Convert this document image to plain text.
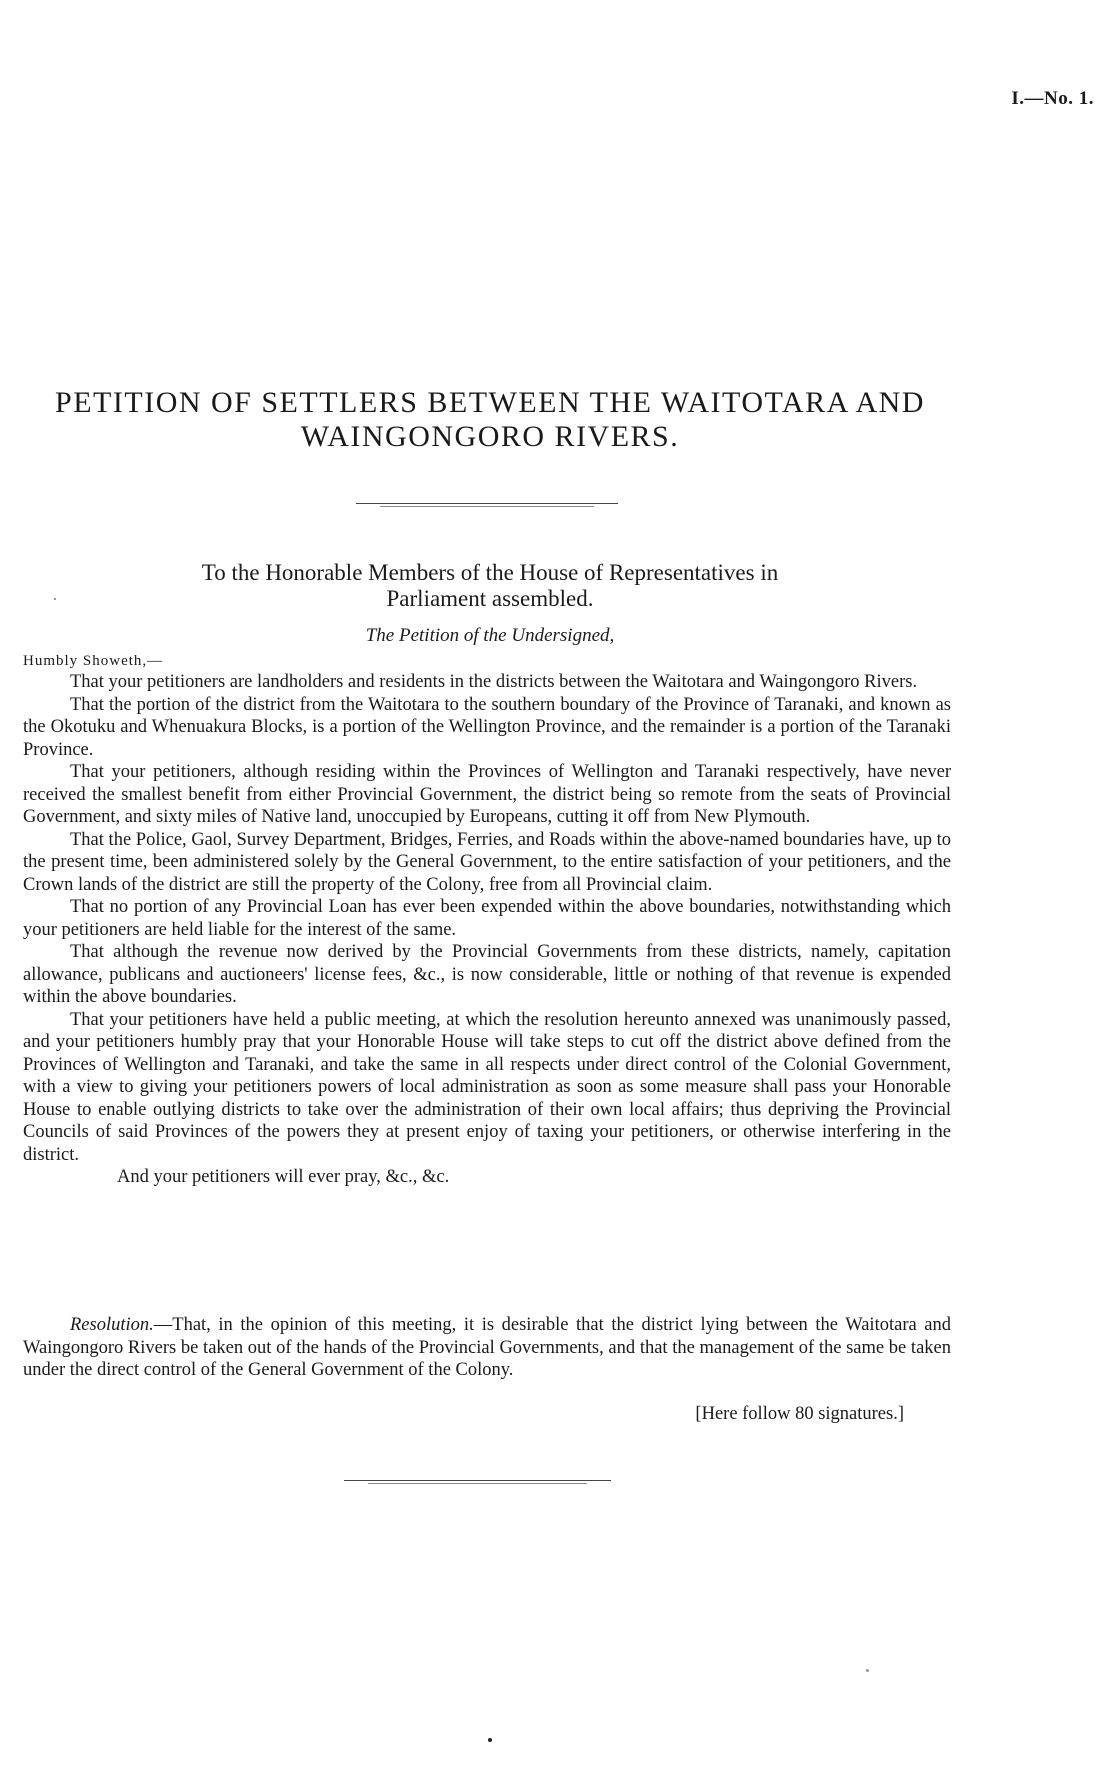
I.—No. 1.
PETITION OF SETTLERS BETWEEN THE WAITOTARA AND
WAINGONGORO RIVERS.
To the Honorable Members of the House of Representatives in
Parliament assembled.
The Petition of the Undersigned,
Humbly Showeth,—

That your petitioners are landholders and residents in the districts between the Waitotara and Waingongoro Rivers.

That the portion of the district from the Waitotara to the southern boundary of the Province of Taranaki, and known as the Okotuku and Whenuakura Blocks, is a portion of the Wellington Province, and the remainder is a portion of the Taranaki Province.

That your petitioners, although residing within the Provinces of Wellington and Taranaki respectively, have never received the smallest benefit from either Provincial Government, the district being so remote from the seats of Provincial Government, and sixty miles of Native land, unoccupied by Europeans, cutting it off from New Plymouth.

That the Police, Gaol, Survey Department, Bridges, Ferries, and Roads within the above-named boundaries have, up to the present time, been administered solely by the General Government, to the entire satisfaction of your petitioners, and the Crown lands of the district are still the property of the Colony, free from all Provincial claim.

That no portion of any Provincial Loan has ever been expended within the above boundaries, notwithstanding which your petitioners are held liable for the interest of the same.

That although the revenue now derived by the Provincial Governments from these districts, namely, capitation allowance, publicans and auctioneers' license fees, &c., is now considerable, little or nothing of that revenue is expended within the above boundaries.

That your petitioners have held a public meeting, at which the resolution hereunto annexed was unanimously passed, and your petitioners humbly pray that your Honorable House will take steps to cut off the district above defined from the Provinces of Wellington and Taranaki, and take the same in all respects under direct control of the Colonial Government, with a view to giving your petitioners powers of local administration as soon as some measure shall pass your Honorable House to enable outlying districts to take over the administration of their own local affairs; thus depriving the Provincial Councils of said Provinces of the powers they at present enjoy of taxing your petitioners, or otherwise interfering in the district.

And your petitioners will ever pray, &c., &c.

Resolution.—That, in the opinion of this meeting, it is desirable that the district lying between the Waitotara and Waingongoro Rivers be taken out of the hands of the Provincial Governments, and that the management of the same be taken under the direct control of the General Government of the Colony.

[Here follow 80 signatures.]
